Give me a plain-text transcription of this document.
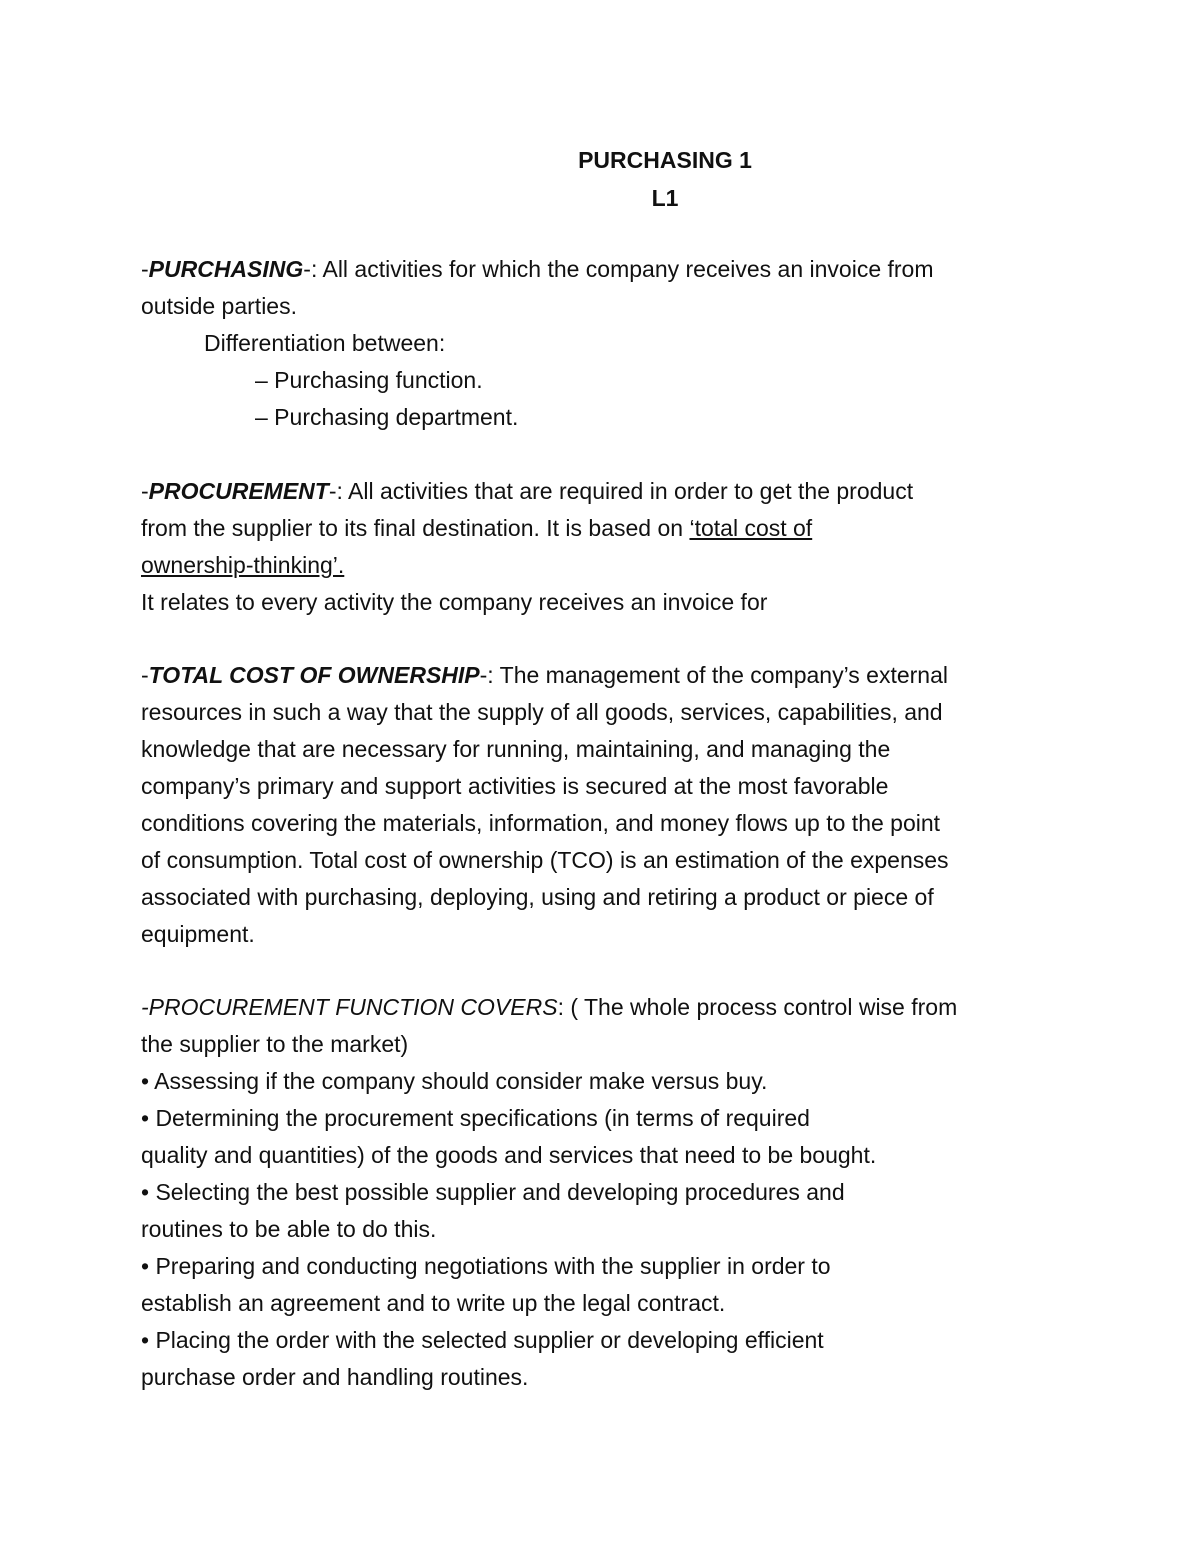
PURCHASING 1
L1
-PURCHASING-: All activities for which the company receives an invoice from
outside parties.
Differentiation between:
– Purchasing function.
– Purchasing department.
-PROCUREMENT-: All activities that are required in order to get the product
from the supplier to its final destination. It is based on ‘total cost of
ownership-thinking’.
It relates to every activity the company receives an invoice for
-TOTAL COST OF OWNERSHIP-: The management of the company’s external
resources in such a way that the supply of all goods, services, capabilities, and
knowledge that are necessary for running, maintaining, and managing the
company’s primary and support activities is secured at the most favorable
conditions covering the materials, information, and money flows up to the point
of consumption. Total cost of ownership (TCO) is an estimation of the expenses
associated with purchasing, deploying, using and retiring a product or piece of
equipment.
-PROCUREMENT FUNCTION COVERS: ( The whole process control wise from
the supplier to the market)
• Assessing if the company should consider make versus buy.
• Determining the procurement specifications (in terms of required
quality and quantities) of the goods and services that need to be bought.
• Selecting the best possible supplier and developing procedures and
routines to be able to do this.
• Preparing and conducting negotiations with the supplier in order to
establish an agreement and to write up the legal contract.
• Placing the order with the selected supplier or developing efficient
purchase order and handling routines.
